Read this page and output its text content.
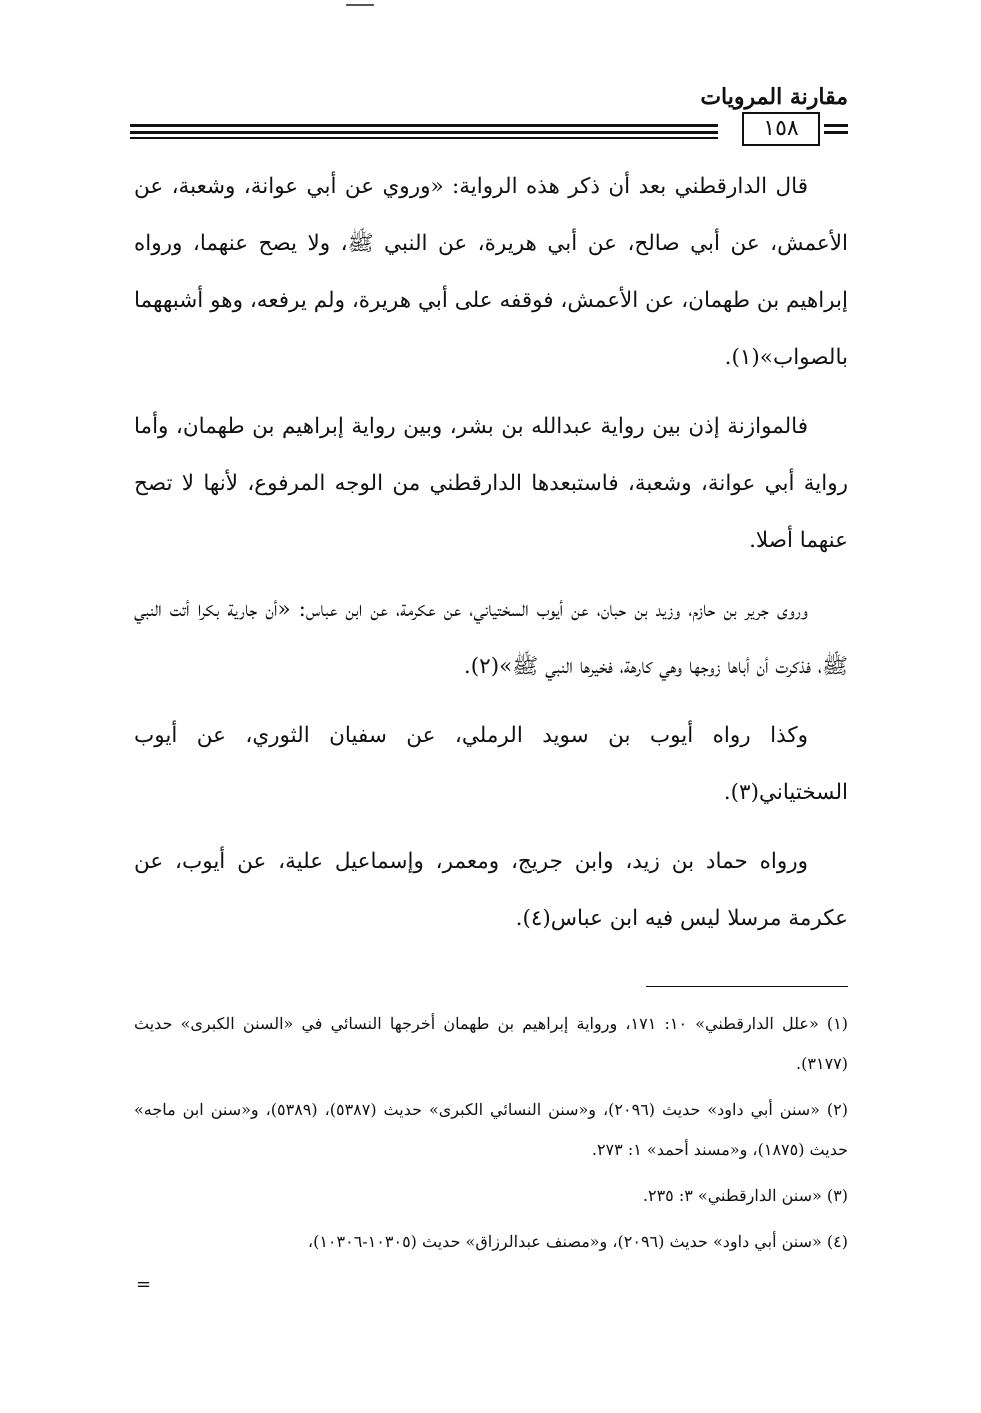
مقارنة المرويات
١٥٨

قال الدارقطني بعد أن ذكر هذه الرواية: «وروي عن أبي عوانة، وشعبة، عن الأعمش، عن أبي صالح، عن أبي هريرة، عن النبي ﷺ، ولا يصح عنهما، ورواه إبراهيم بن طهمان، عن الأعمش، فوقفه على أبي هريرة، ولم يرفعه، وهو أشبههما بالصواب»(١).

فالموازنة إذن بين رواية عبدالله بن بشر، وبين رواية إبراهيم بن طهمان، وأما رواية أبي عوانة، وشعبة، فاستبعدها الدارقطني من الوجه المرفوع، لأنها لا تصح عنهما أصلا.

وروى جرير بن حازم، وزيد بن حبان، عن أيوب السختياني، عن عكرمة، عن ابن عباس: «أن جارية بكرا أتت النبي ﷺ، فذكرت أن أباها زوجها وهي كارهة، فخيرها النبي ﷺ»(٢).

وكذا رواه أيوب بن سويد الرملي، عن سفيان الثوري، عن أيوب السختياني(٣).

ورواه حماد بن زيد، وابن جريج، ومعمر، وإسماعيل علية، عن أيوب، عن عكرمة مرسلا ليس فيه ابن عباس(٤).

(١) «علل الدارقطني» ١٠: ١٧١، ورواية إبراهيم بن طهمان أخرجها النسائي في «السنن الكبرى» حديث (٣١٧٧).

(٢) «سنن أبي داود» حديث (٢٠٩٦)، و«سنن النسائي الكبرى» حديث (٥٣٨٧)، (٥٣٨٩)، و«سنن ابن ماجه» حديث (١٨٧٥)، و«مسند أحمد» ١: ٢٧٣.

(٣) «سنن الدارقطني» ٣: ٢٣٥.

(٤) «سنن أبي داود» حديث (٢٠٩٦)، و«مصنف عبدالرزاق» حديث (١٠٣٠٥-١٠٣٠٦)،

=
